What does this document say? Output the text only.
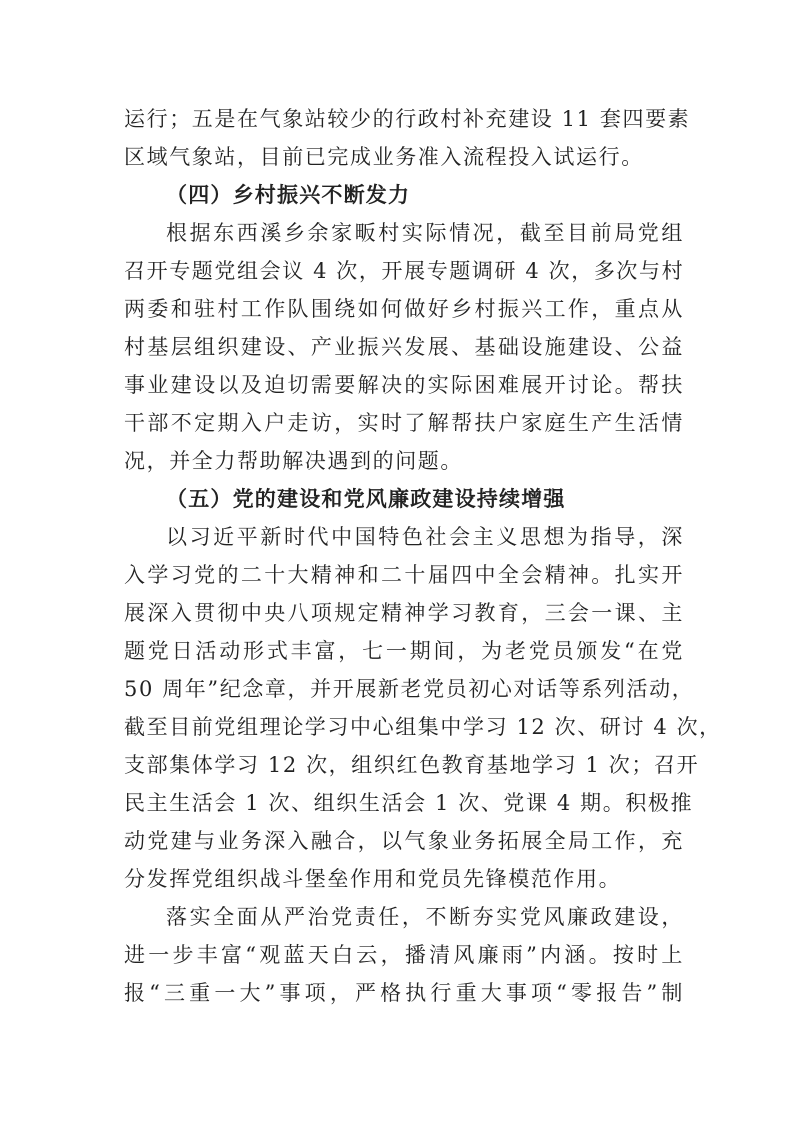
运行；五是在气象站较少的行政村补充建设 11 套四要素
区域气象站，目前已完成业务准入流程投入试运行。
（四）乡村振兴不断发力
根据东西溪乡余家畈村实际情况，截至目前局党组
召开专题党组会议 4 次，开展专题调研 4 次，多次与村
两委和驻村工作队围绕如何做好乡村振兴工作，重点从
村基层组织建设、产业振兴发展、基础设施建设、公益
事业建设以及迫切需要解决的实际困难展开讨论。帮扶
干部不定期入户走访，实时了解帮扶户家庭生产生活情
况，并全力帮助解决遇到的问题。
（五）党的建设和党风廉政建设持续增强
以习近平新时代中国特色社会主义思想为指导，深
入学习党的二十大精神和二十届四中全会精神。扎实开
展深入贯彻中央八项规定精神学习教育，三会一课、主
题党日活动形式丰富，七一期间，为老党员颁发“在党
50 周年”纪念章，并开展新老党员初心对话等系列活动，
截至目前党组理论学习中心组集中学习 12 次、研讨 4 次，
支部集体学习 12 次，组织红色教育基地学习 1 次；召开
民主生活会 1 次、组织生活会 1 次、党课 4 期。积极推
动党建与业务深入融合，以气象业务拓展全局工作，充
分发挥党组织战斗堡垒作用和党员先锋模范作用。
落实全面从严治党责任，不断夯实党风廉政建设，
进一步丰富“观蓝天白云，播清风廉雨”内涵。按时上
报“三重一大”事项，严格执行重大事项“零报告”制
